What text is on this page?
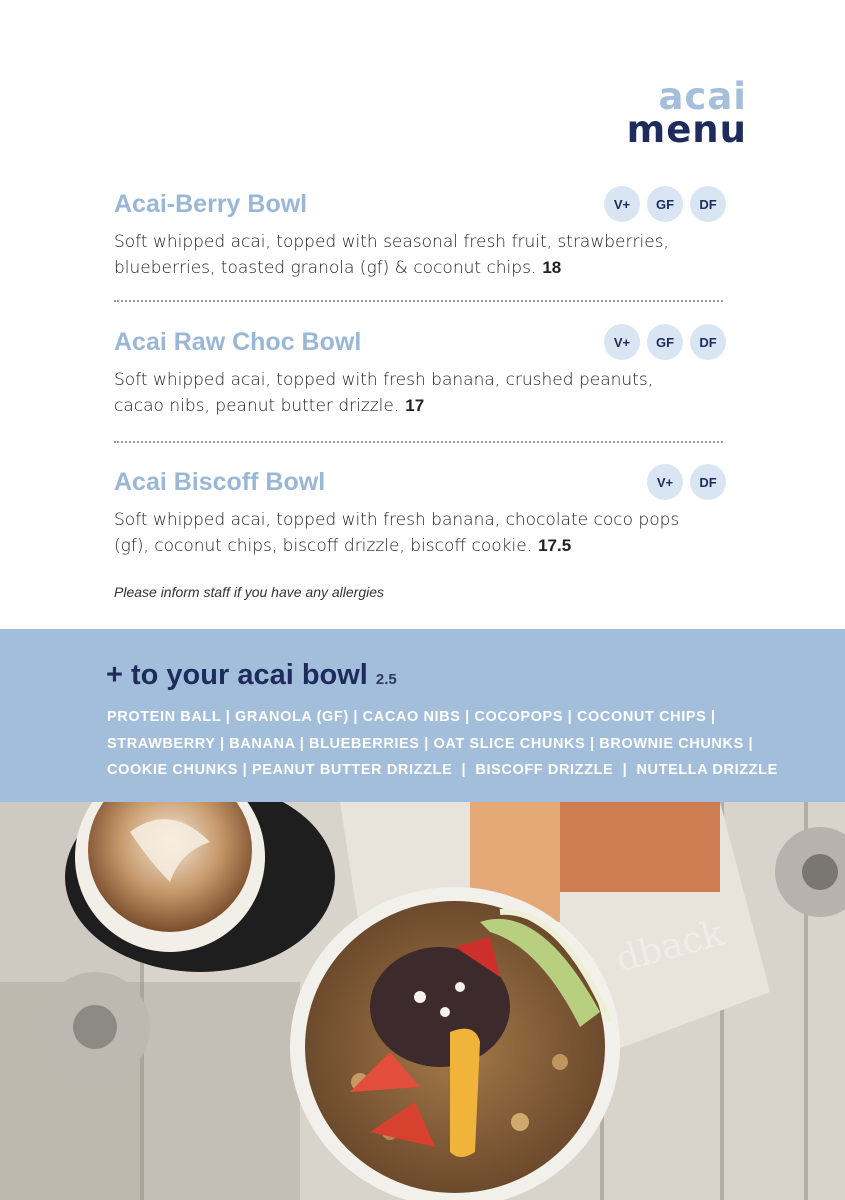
acai
menu
Acai-Berry Bowl	V+	GF	DF
Soft whipped acai, topped with seasonal fresh fruit, strawberries,
blueberries, toasted granola (gf) & coconut chips. 18
Acai Raw Choc Bowl	V+	GF	DF
Soft whipped acai, topped with fresh banana, crushed peanuts,
cacao nibs, peanut butter drizzle. 17
Acai Biscoff Bowl	V+	DF
Soft whipped acai, topped with fresh banana, chocolate coco pops
(gf), coconut chips, biscoff drizzle, biscoff cookie. 17.5
Please inform staff if you have any allergies
+ to your acai bowl 2.5
PROTEIN BALL | GRANOLA (GF) | CACAO NIBS | COCOPOPS | COCONUT CHIPS |
STRAWBERRY | BANANA | BLUEBERRIES | OAT SLICE CHUNKS | BROWNIE CHUNKS |
COOKIE CHUNKS | PEANUT BUTTER DRIZZLE  |  BISCOFF DRIZZLE  |  NUTELLA DRIZZLE
dback
